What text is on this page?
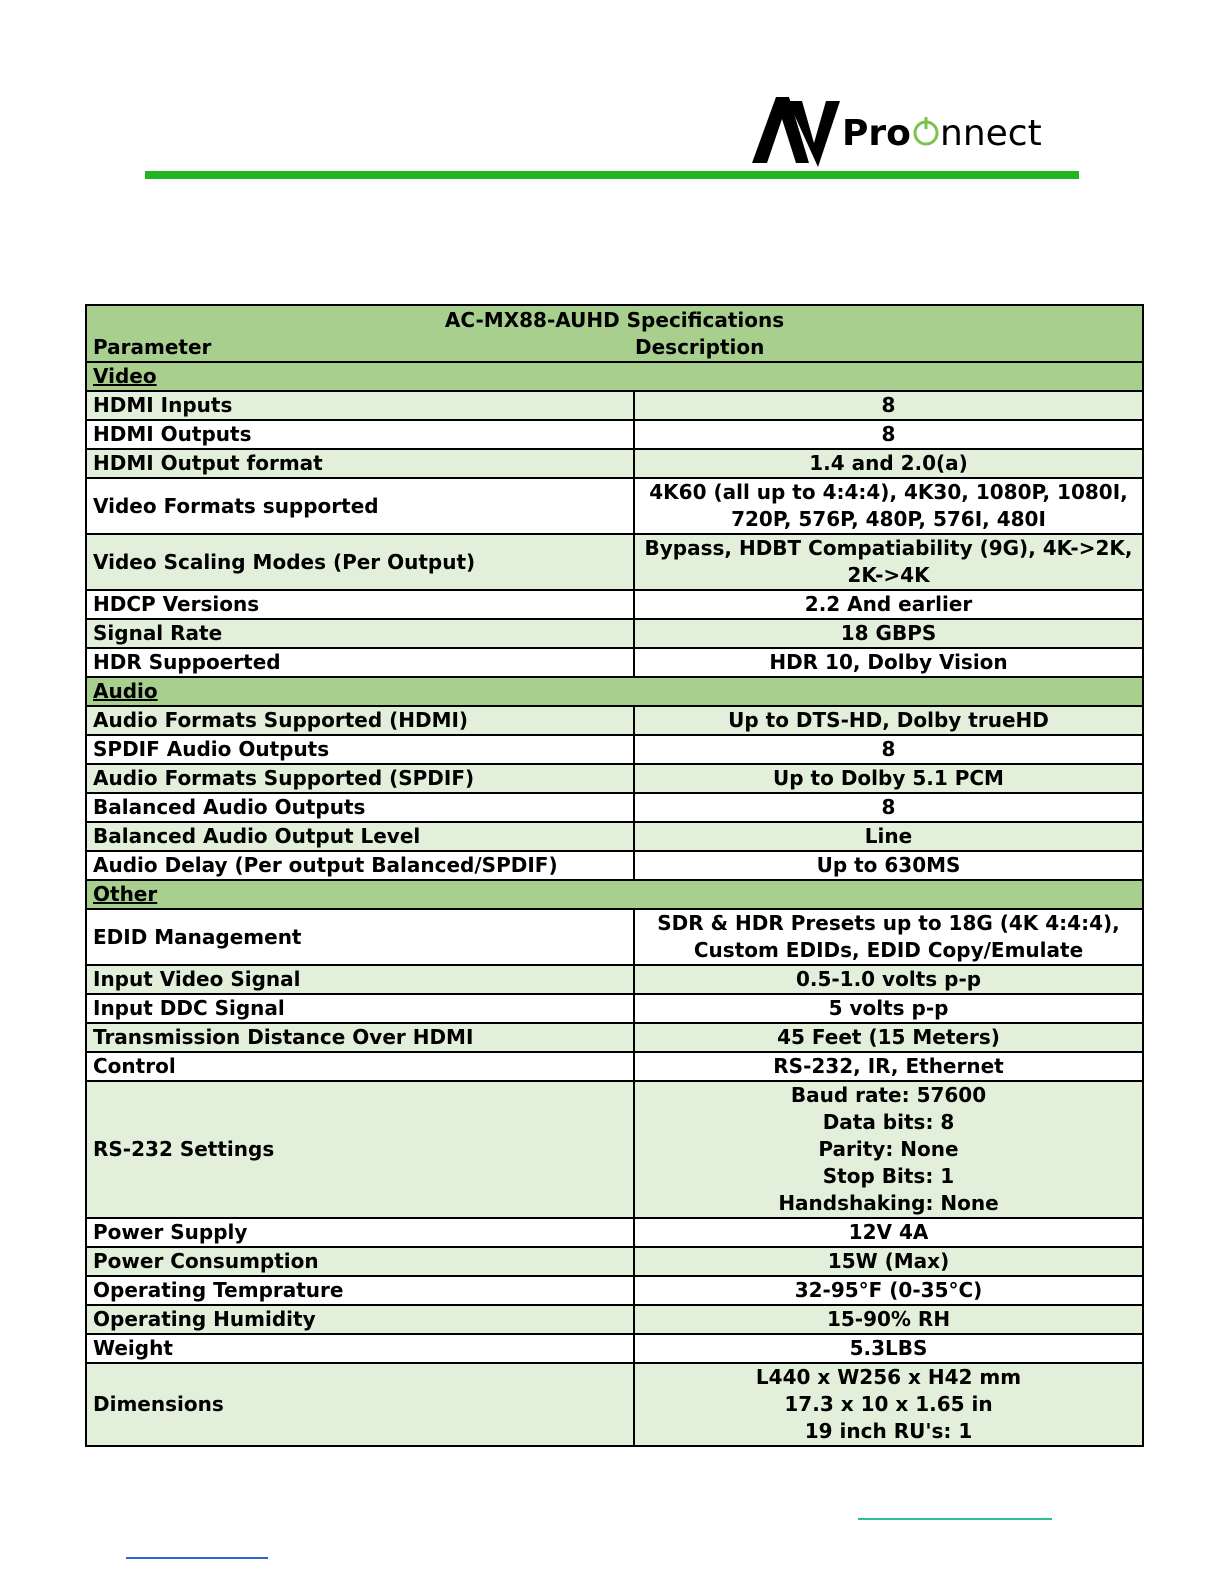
Pro nnect
AC-MX88-AUHD Specifications
Parameter Description	

Video	
HDMI Inputs	8
HDMI Outputs	8
HDMI Output format	1.4 and 2.0(a)
Video Formats supported	4K60 (all up to 4:4:4), 4K30, 1080P, 1080I, 720P, 576P, 480P, 576I, 480I
Video Scaling Modes (Per Output)	Bypass, HDBT Compatiability (9G), 4K->2K, 2K->4K
HDCP Versions	2.2 And earlier
Signal Rate	18 GBPS
HDR Suppoerted	HDR 10, Dolby Vision
Audio	
Audio Formats Supported (HDMI)	Up to DTS-HD, Dolby trueHD
SPDIF Audio Outputs	8
Audio Formats Supported (SPDIF)	Up to Dolby 5.1 PCM
Balanced Audio Outputs	8
Balanced Audio Output Level	Line
Audio Delay (Per output Balanced/SPDIF)	Up to 630MS
Other	
EDID Management	SDR & HDR Presets up to 18G (4K 4:4:4), Custom EDIDs, EDID Copy/Emulate
Input Video Signal	0.5-1.0 volts p-p
Input DDC Signal	5 volts p-p
Transmission Distance Over HDMI	45 Feet (15 Meters)
Control	RS-232, IR, Ethernet
RS-232 Settings	Baud rate: 57600
Data bits: 8
Parity: None
Stop Bits: 1
Handshaking: None

Power Supply	12V 4A
Power Consumption	15W (Max)
Operating Temprature	32-95°F (0-35°C)
Operating Humidity	15-90% RH
Weight	5.3LBS
Dimensions	L440 x W256 x H42 mm
17.3 x 10 x 1.65 in
19 inch RU's: 1
